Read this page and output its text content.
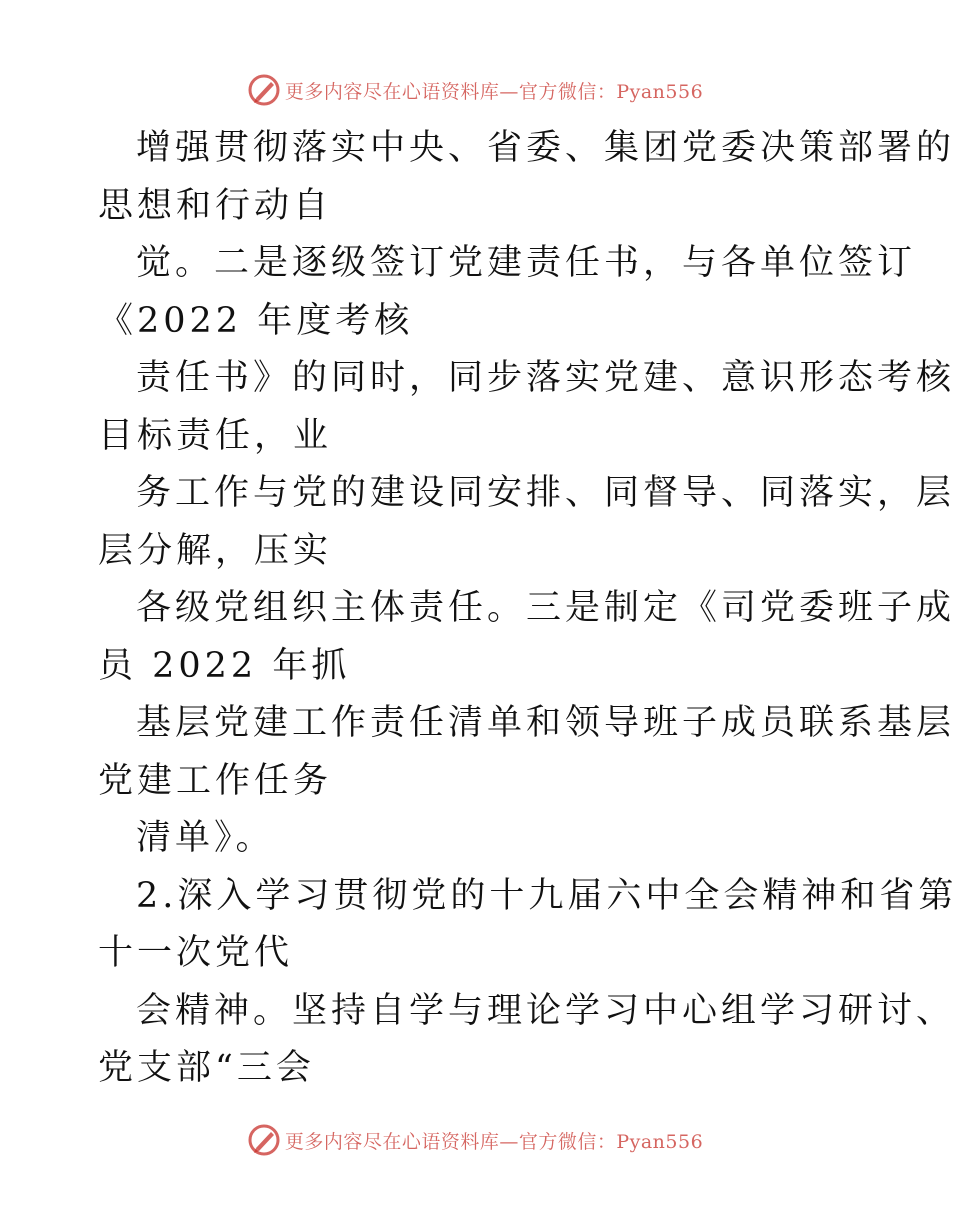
更多内容尽在心语资料库—官方微信：Pyan556
增强贯彻落实中央、省委、集团党委决策部署的
思想和行动自
觉。二是逐级签订党建责任书，与各单位签订
《2022 年度考核
责任书》的同时，同步落实党建、意识形态考核
目标责任，业
务工作与党的建设同安排、同督导、同落实，层
层分解，压实
各级党组织主体责任。三是制定《司党委班子成
员 2022 年抓
基层党建工作责任清单和领导班子成员联系基层
党建工作任务
清单》。
2.深入学习贯彻党的十九届六中全会精神和省第
十一次党代
会精神。坚持自学与理论学习中心组学习研讨、
党支部“三会
更多内容尽在心语资料库—官方微信：Pyan556
